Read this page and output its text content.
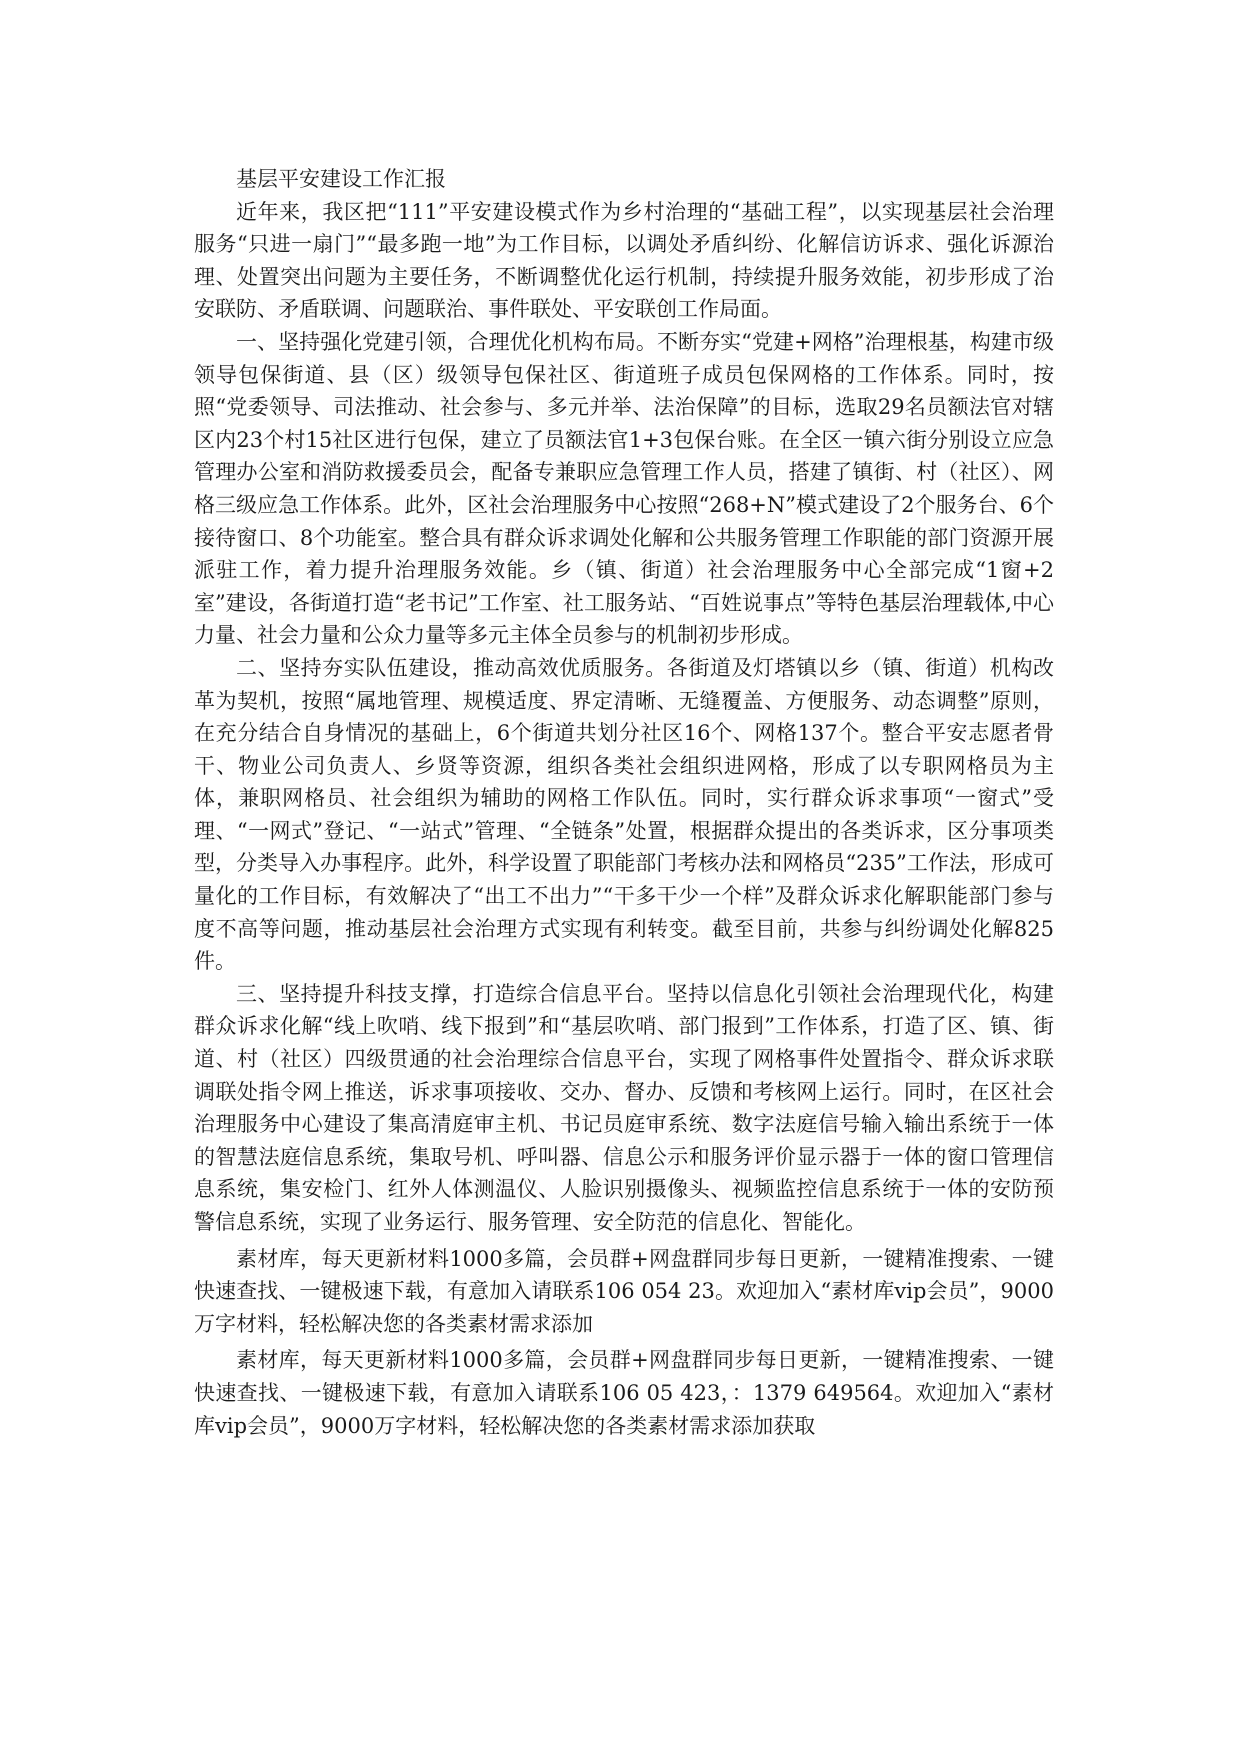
基层平安建设工作汇报

近年来，我区把“111”平安建设模式作为乡村治理的“基础工程”，以实现基层社会治理服务“只进一扇门”“最多跑一地”为工作目标，以调处矛盾纠纷、化解信访诉求、强化诉源治理、处置突出问题为主要任务，不断调整优化运行机制，持续提升服务效能，初步形成了治安联防、矛盾联调、问题联治、事件联处、平安联创工作局面。

一、坚持强化党建引领，合理优化机构布局。不断夯实“党建+网格”治理根基，构建市级领导包保街道、县（区）级领导包保社区、街道班子成员包保网格的工作体系。同时，按照“党委领导、司法推动、社会参与、多元并举、法治保障”的目标，选取29名员额法官对辖区内23个村15社区进行包保，建立了员额法官1+3包保台账。在全区一镇六街分别设立应急管理办公室和消防救援委员会，配备专兼职应急管理工作人员，搭建了镇街、村（社区）、网格三级应急工作体系。此外，区社会治理服务中心按照“268+N”模式建设了2个服务台、6个接待窗口、8个功能室。整合具有群众诉求调处化解和公共服务管理工作职能的部门资源开展派驻工作，着力提升治理服务效能。乡（镇、街道）社会治理服务中心全部完成“1窗+2室”建设，各街道打造“老书记”工作室、社工服务站、“百姓说事点”等特色基层治理载体,中心力量、社会力量和公众力量等多元主体全员参与的机制初步形成。

二、坚持夯实队伍建设，推动高效优质服务。各街道及灯塔镇以乡（镇、街道）机构改革为契机，按照“属地管理、规模适度、界定清晰、无缝覆盖、方便服务、动态调整”原则，在充分结合自身情况的基础上，6个街道共划分社区16个、网格137个。整合平安志愿者骨干、物业公司负责人、乡贤等资源，组织各类社会组织进网格，形成了以专职网格员为主体，兼职网格员、社会组织为辅助的网格工作队伍。同时，实行群众诉求事项“一窗式”受理、“一网式”登记、“一站式”管理、“全链条”处置，根据群众提出的各类诉求，区分事项类型，分类导入办事程序。此外，科学设置了职能部门考核办法和网格员“235”工作法，形成可量化的工作目标，有效解决了“出工不出力”“干多干少一个样”及群众诉求化解职能部门参与度不高等问题，推动基层社会治理方式实现有利转变。截至目前，共参与纠纷调处化解825件。

三、坚持提升科技支撑，打造综合信息平台。坚持以信息化引领社会治理现代化，构建群众诉求化解“线上吹哨、线下报到”和“基层吹哨、部门报到”工作体系，打造了区、镇、街道、村（社区）四级贯通的社会治理综合信息平台，实现了网格事件处置指令、群众诉求联调联处指令网上推送，诉求事项接收、交办、督办、反馈和考核网上运行。同时，在区社会治理服务中心建设了集高清庭审主机、书记员庭审系统、数字法庭信号输入输出系统于一体的智慧法庭信息系统，集取号机、呼叫器、信息公示和服务评价显示器于一体的窗口管理信息系统，集安检门、红外人体测温仪、人脸识别摄像头、视频监控信息系统于一体的安防预警信息系统，实现了业务运行、服务管理、安全防范的信息化、智能化。

素材库，每天更新材料1000多篇，会员群+网盘群同步每日更新，一键精准搜索、一键快速查找、一键极速下载，有意加入请联系106 054 23。欢迎加入“素材库vip会员”，9000万字材料，轻松解决您的各类素材需求添加

素材库，每天更新材料1000多篇，会员群+网盘群同步每日更新，一键精准搜索、一键快速查找、一键极速下载，有意加入请联系106 05 423，：1379 649564。欢迎加入“素材库vip会员”，9000万字材料，轻松解决您的各类素材需求添加获取
